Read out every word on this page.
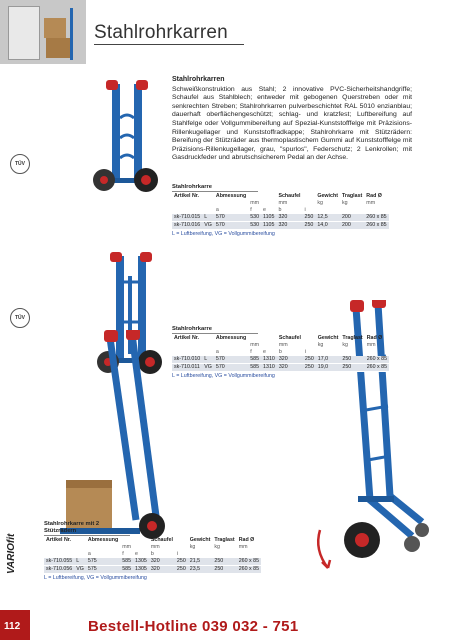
Stahlrohrkarren
Stahlrohrkarren

Schweißkonstruktion aus Stahl; 2 innovative PVC-Sicherheitshandgriffe; Schaufel aus Stahlblech; entweder mit gebogenen Querstreben oder mit senkrechten Streben; Stahlrohrkarren pulverbeschichtet RAL 5010 enzianblau; dauerhaft oberflächengeschützt; schlag- und kratzfest; Luftbereifung auf Stahlfelge oder Vollgummibereifung auf Spezial-Kunststofffelge mit Präzisions-Rillenkugellager und Kunststoffradkappe; Stahlrohrkarre mit Stützrädern: Bereifung der Stützräder aus thermoplastischem Gummi auf Kunststofffelge mit Präzisions-Rillenkugellager, grau, "spurlos", Federschutz; 2 Lenkrollen; mit Gasdruckfeder und abrutschsicherem Pedal an der Achse.

TÜV
TÜV
Stahlrohrkarre
Artikel Nr.		Abmessung			Schaufel		Gewicht	Traglast	Rad Ø
			mm		mm		kg	kg	mm
		a	f	e	b	i			
sk-710.015	L	570	530	1105	320	250	12,5	200	260 x 85
sk-710.016	VG	570	530	1105	320	250	14,0	200	260 x 85
L = Luftbereifung, VG = Vollgummibereifung
Stahlrohrkarre
Artikel Nr.		Abmessung			Schaufel		Gewicht	Traglast	Rad Ø
			mm		mm		kg	kg	mm
		a	f	e	b	i			
sk-710.010	L	570	585	1310	320	250	17,0	250	260 x 85
sk-710.011	VG	570	585	1310	320	250	19,0	250	260 x 85
L = Luftbereifung, VG = Vollgummibereifung
Stahlrohrkarre mit 2 Stützrädern
Artikel Nr.		Abmessung			Schaufel		Gewicht	Traglast	Rad Ø
			mm		mm		kg	kg	mm
		a	f	e	b	i			
sk-710.055	L	575	585	1305	320	250	21,5	250	260 x 85
sk-710.056	VG	575	585	1305	320	250	23,5	250	260 x 85
L = Luftbereifung, VG = Vollgummibereifung
VARIOfit
112	Bestell-Hotline 039 032 - 751
